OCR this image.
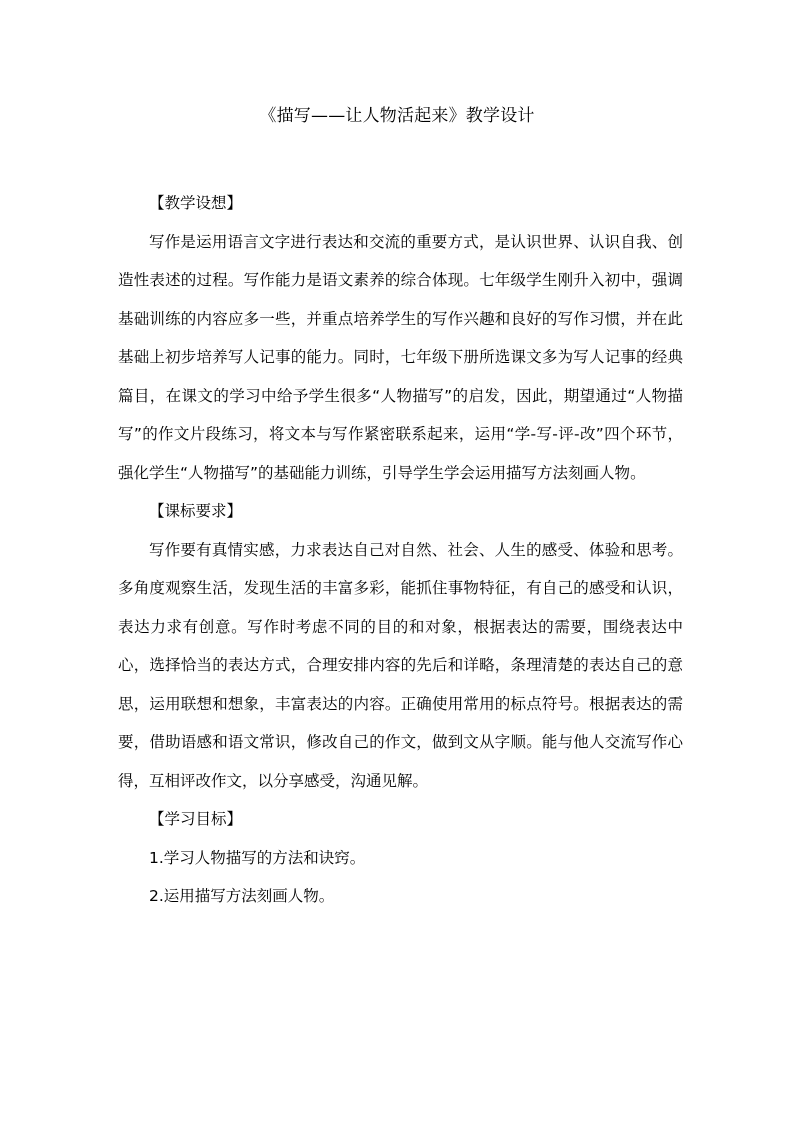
《描写——让人物活起来》教学设计

【教学设想】

写作是运用语言文字进行表达和交流的重要方式，是认识世界、认识自我、创造性表述的过程。写作能力是语文素养的综合体现。七年级学生刚升入初中，强调基础训练的内容应多一些，并重点培养学生的写作兴趣和良好的写作习惯，并在此基础上初步培养写人记事的能力。同时，七年级下册所选课文多为写人记事的经典篇目，在课文的学习中给予学生很多“人物描写”的启发，因此，期望通过“人物描写”的作文片段练习，将文本与写作紧密联系起来，运用“学-写-评-改”四个环节，强化学生“人物描写”的基础能力训练，引导学生学会运用描写方法刻画人物。

【课标要求】

写作要有真情实感，力求表达自己对自然、社会、人生的感受、体验和思考。多角度观察生活，发现生活的丰富多彩，能抓住事物特征，有自己的感受和认识，表达力求有创意。写作时考虑不同的目的和对象，根据表达的需要，围绕表达中心，选择恰当的表达方式，合理安排内容的先后和详略，条理清楚的表达自己的意思，运用联想和想象，丰富表达的内容。正确使用常用的标点符号。根据表达的需要，借助语感和语文常识，修改自己的作文，做到文从字顺。能与他人交流写作心得，互相评改作文，以分享感受，沟通见解。

【学习目标】

1.学习人物描写的方法和诀窍。

2.运用描写方法刻画人物。
